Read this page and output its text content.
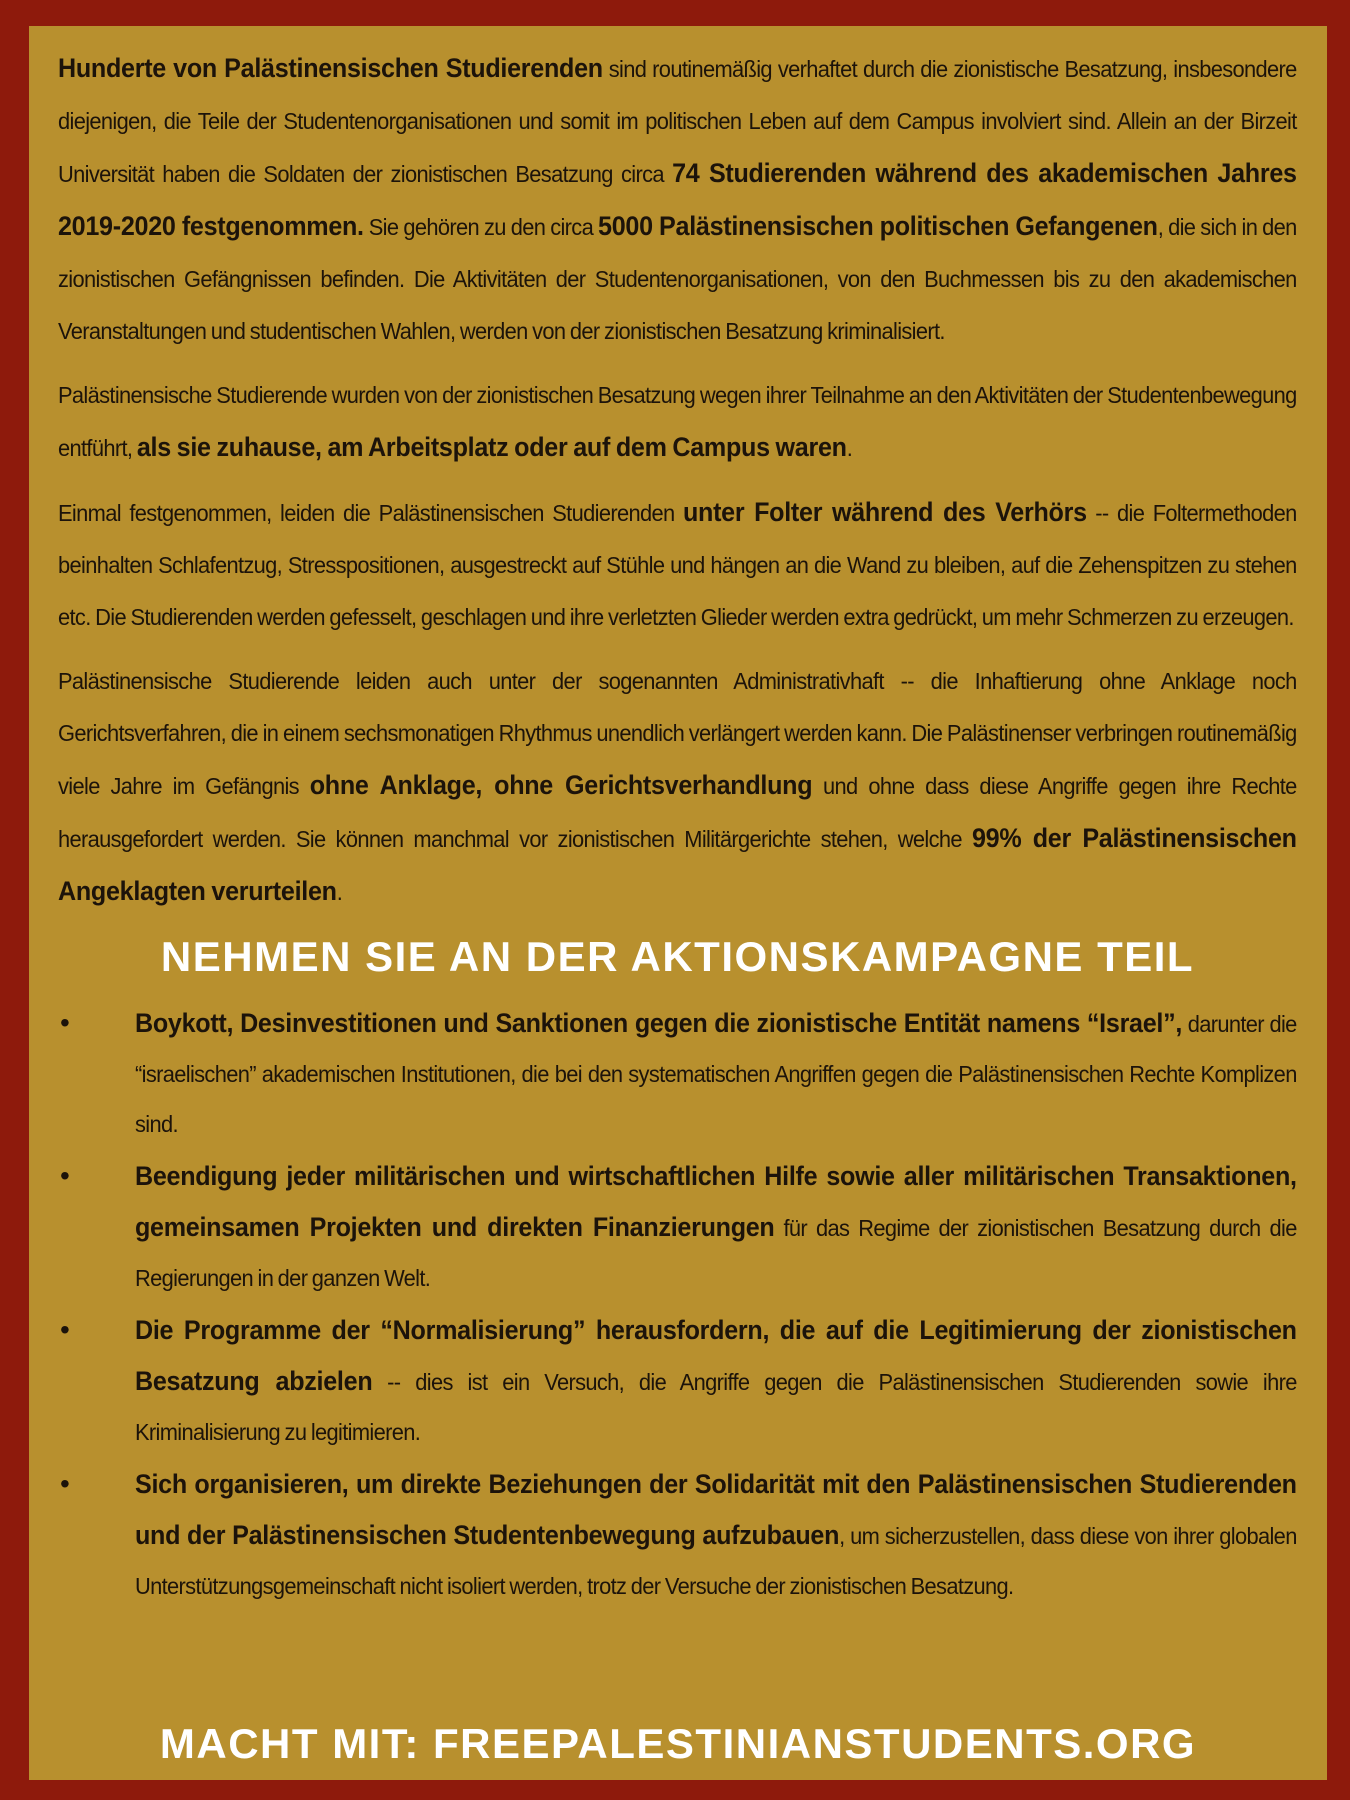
Hunderte von Palästinensischen Studierenden sind routinemäßig verhaftet durch die zionistische Besatzung, insbesondere diejenigen, die Teile der Studentenorganisationen und somit im politischen Leben auf dem Campus involviert sind. Allein an der Birzeit Universität haben die Soldaten der zionistischen Besatzung circa 74 Studierenden während des akademischen Jahres 2019-2020 festgenommen. Sie gehören zu den circa 5000 Palästinensischen politischen Gefangenen, die sich in den zionistischen Gefängnissen befinden. Die Aktivitäten der Studentenorganisationen, von den Buchmessen bis zu den akademischen Veranstaltungen und studentischen Wahlen, werden von der zionistischen Besatzung kriminalisiert.

Palästinensische Studierende wurden von der zionistischen Besatzung wegen ihrer Teilnahme an den Aktivitäten der Studentenbewegung entführt, als sie zuhause, am Arbeitsplatz oder auf dem Campus waren.

Einmal festgenommen, leiden die Palästinensischen Studierenden unter Folter während des Verhörs -- die Foltermethoden beinhalten Schlafentzug, Stresspositionen, ausgestreckt auf Stühle und hängen an die Wand zu bleiben, auf die Zehenspitzen zu stehen etc. Die Studierenden werden gefesselt, geschlagen und ihre verletzten Glieder werden extra gedrückt, um mehr Schmerzen zu erzeugen.

Palästinensische Studierende leiden auch unter der sogenannten Administrativhaft -- die Inhaftierung ohne Anklage noch Gerichtsverfahren, die in einem sechsmonatigen Rhythmus unendlich verlängert werden kann. Die Palästinenser verbringen routinemäßig viele Jahre im Gefängnis ohne Anklage, ohne Gerichtsverhandlung und ohne dass diese Angriffe gegen ihre Rechte herausgefordert werden. Sie können manchmal vor zionistischen Militärgerichte stehen, welche 99% der Palästinensischen Angeklagten verurteilen.

NEHMEN SIE AN DER AKTIONSKAMPAGNE TEIL
• Boykott, Desinvestitionen und Sanktionen gegen die zionistische Entität namens “Israel”, darunter die “israelischen” akademischen Institutionen, die bei den systematischen Angriffen gegen die Palästinensischen Rechte Komplizen sind.
• Beendigung jeder militärischen und wirtschaftlichen Hilfe sowie aller militärischen Transaktionen, gemeinsamen Projekten und direkten Finanzierungen für das Regime der zionistischen Besatzung durch die Regierungen in der ganzen Welt.
• Die Programme der “Normalisierung” herausfordern, die auf die Legitimierung der zionistischen Besatzung abzielen -- dies ist ein Versuch, die Angriffe gegen die Palästinensischen Studierenden sowie ihre Kriminalisierung zu legitimieren.
• Sich organisieren, um direkte Beziehungen der Solidarität mit den Palästinensischen Studierenden und der Palästinensischen Studentenbewegung aufzubauen, um sicherzustellen, dass diese von ihrer globalen Unterstützungsgemeinschaft nicht isoliert werden, trotz der Versuche der zionistischen Besatzung.
MACHT MIT: FREEPALESTINIANSTUDENTS.ORG
